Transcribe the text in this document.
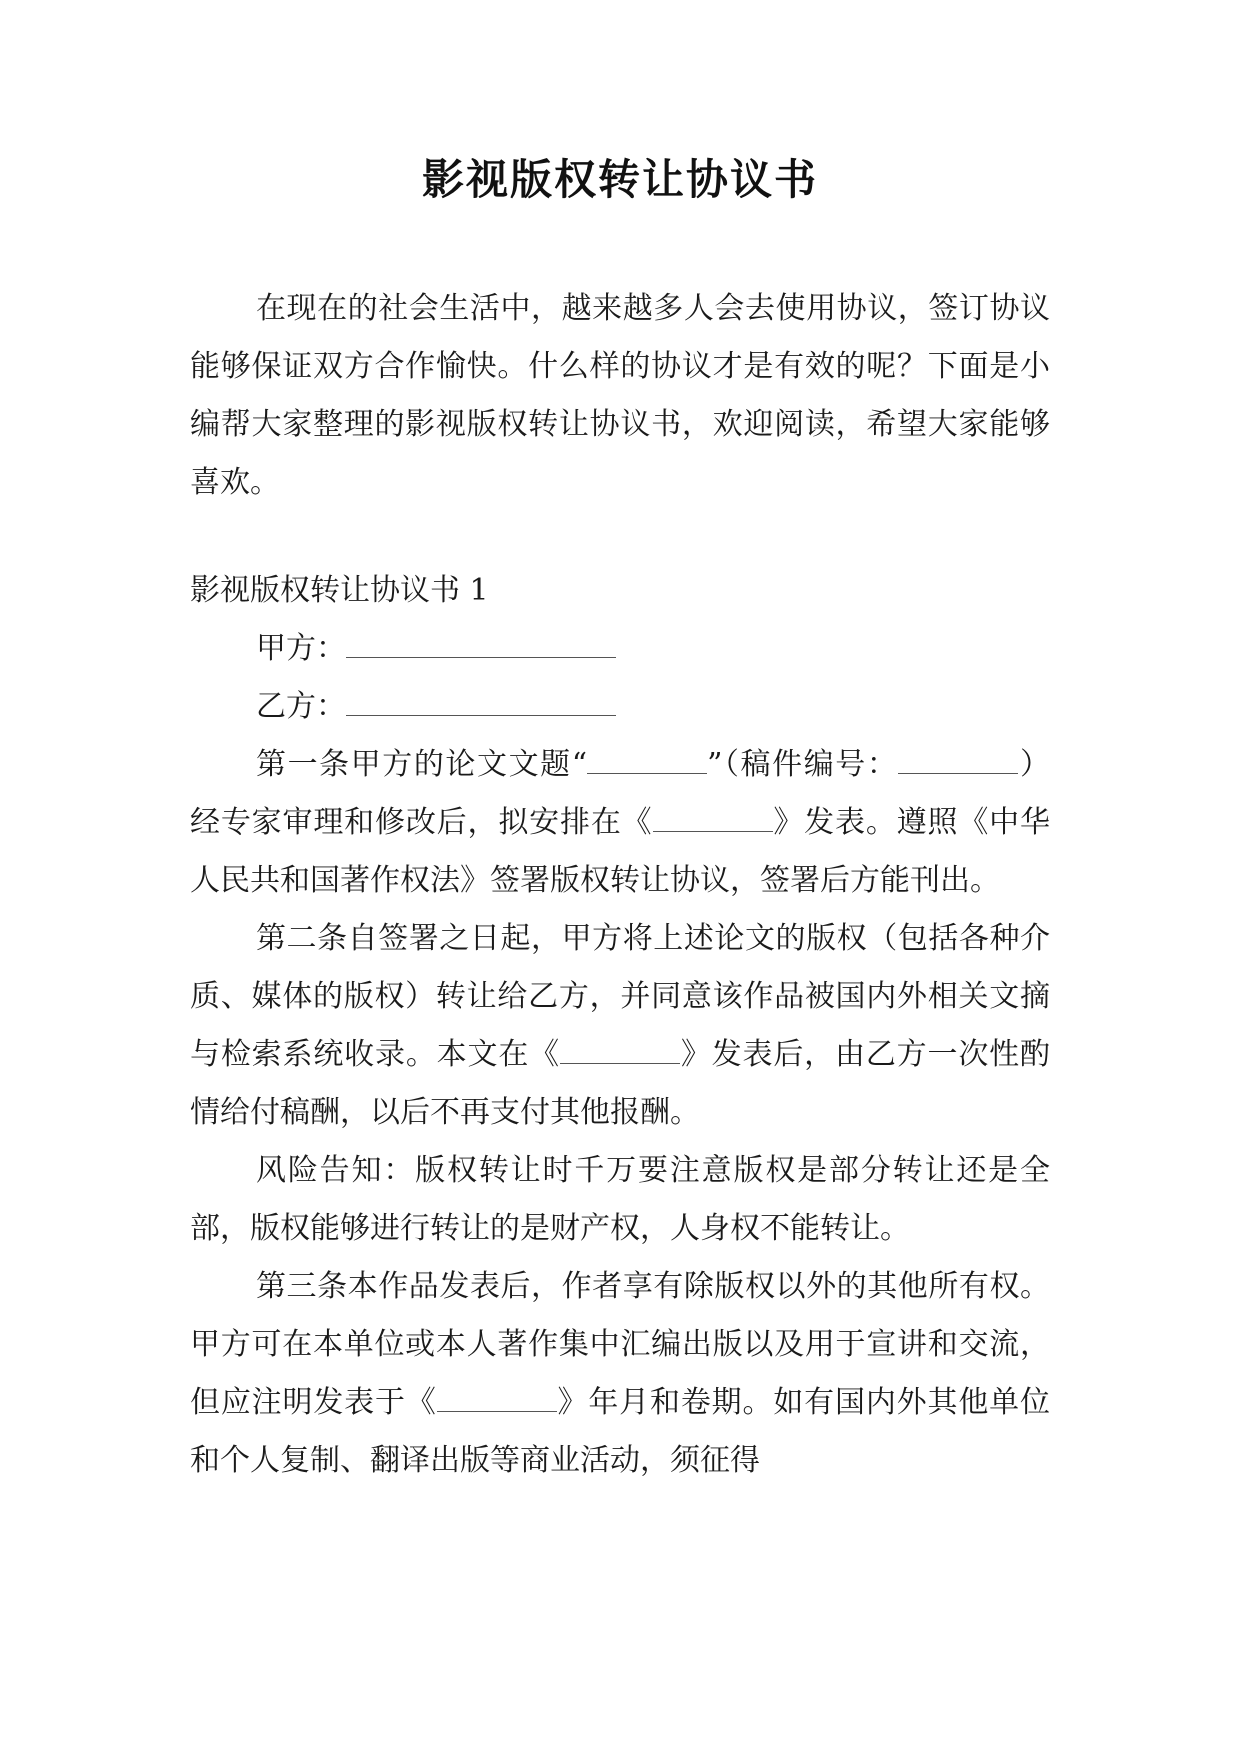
影视版权转让协议书

在现在的社会生活中，越来越多人会去使用协议，签订协议能够保证双方合作愉快。什么样的协议才是有效的呢？下面是小编帮大家整理的影视版权转让协议书，欢迎阅读，希望大家能够喜欢。

影视版权转让协议书 1

甲方：

乙方：

第一条甲方的论文文题“	”（稿件编号：	）经专家审理和修改后，拟安排在《	》发表。遵照《中华人民共和国著作权法》签署版权转让协议，签署后方能刊出。

第二条自签署之日起，甲方将上述论文的版权（包括各种介质、媒体的版权）转让给乙方，并同意该作品被国内外相关文摘与检索系统收录。本文在《	》发表后，由乙方一次性酌情给付稿酬，以后不再支付其他报酬。

风险告知：版权转让时千万要注意版权是部分转让还是全部，版权能够进行转让的是财产权，人身权不能转让。

第三条本作品发表后，作者享有除版权以外的其他所有权。甲方可在本单位或本人著作集中汇编出版以及用于宣讲和交流，但应注明发表于《	》年月和卷期。如有国内外其他单位和个人复制、翻译出版等商业活动，须征得
